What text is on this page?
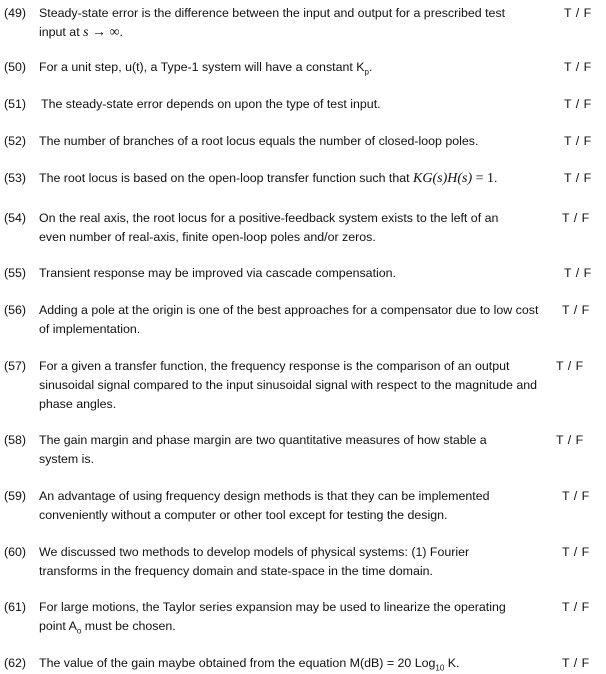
(49) Steady-state error is the difference between the input and output for a prescribed test input at s → ∞.
T / F
(50) For a unit step, u(t), a Type-1 system will have a constant $K_p$.	T / F
(51) The steady-state error depends on upon the type of test input.	T / F
(52) The number of branches of a root locus equals the number of closed-loop poles.	T / F
(53) The root locus is based on the open-loop transfer function such that KG(s)H(s) = 1.	T / F
(54) On the real axis, the root locus for a positive-feedback system exists to the left of an even number of real-axis, finite open-loop poles and/or zeros.
T / F
(55) Transient response may be improved via cascade compensation.	T / F
(56) Adding a pole at the origin is one of the best approaches for a compensator due to low cost of implementation.
T / F
(57) For a given a transfer function, the frequency response is the comparison of an output sinusoidal signal compared to the input sinusoidal signal with respect to the magnitude and phase angles.
T / F
(58) The gain margin and phase margin are two quantitative measures of how stable a system is.
T / F
(59) An advantage of using frequency design methods is that they can be implemented conveniently without a computer or other tool except for testing the design.
T / F
(60) We discussed two methods to develop models of physical systems: (1) Fourier transforms in the frequency domain and state-space in the time domain.
T / F
(61) For large motions, the Taylor series expansion may be used to linearize the operating point $A_o$ must be chosen.
T / F
(62) The value of the gain maybe obtained from the equation M(dB) = 20 Log$_{10}$ K.	T / F
